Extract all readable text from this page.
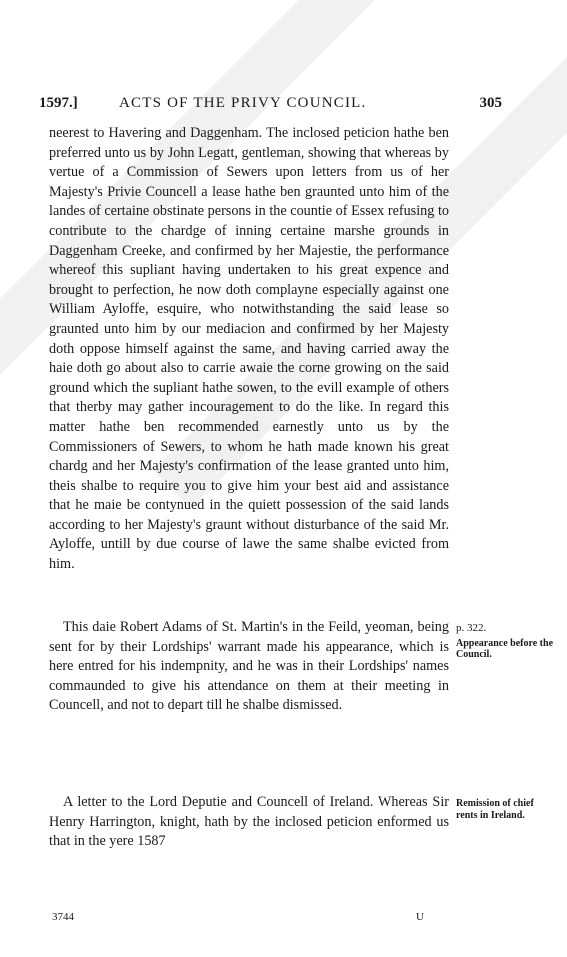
1597.]	ACTS OF THE PRIVY COUNCIL.	305

neerest to Havering and Daggenham. The inclosed peticion hathe ben preferred unto us by John Legatt, gentleman, showing that whereas by vertue of a Commission of Sewers upon letters from us of her Majesty's Privie Councell a lease hathe ben graunted unto him of the landes of certaine obstinate persons in the countie of Essex refusing to contribute to the chardge of inning certaine marshe grounds in Daggenham Creeke, and confirmed by her Majestie, the performance whereof this supliant having undertaken to his great expence and brought to perfection, he now doth complayne especially against one William Ayloffe, esquire, who notwithstanding the said lease so graunted unto him by our mediacion and confirmed by her Majesty doth oppose himself against the same, and having carried away the haie doth go about also to carrie awaie the corne growing on the said ground which the supliant hathe sowen, to the evill example of others that therby may gather incouragement to do the like. In regard this matter hathe ben recommended earnestly unto us by the Commissioners of Sewers, to whom he hath made known his great chardg and her Majesty's confirmation of the lease granted unto him, theis shalbe to require you to give him your best aid and assistance that he maie be contynued in the quiett possession of the said lands according to her Majesty's graunt without disturbance of the said Mr. Ayloffe, untill by due course of lawe the same shalbe evicted from him.

This daie Robert Adams of St. Martin's in the Feild, yeoman, being sent for by their Lordships' warrant made his appearance, which is here entred for his indempnity, and he was in their Lordships' names commaunded to give his attendance on them at their meeting in Councell, and not to depart till he shalbe dismissed.

A letter to the Lord Deputie and Councell of Ireland. Whereas Sir Henry Harrington, knight, hath by the inclosed peticion enformed us that in the yere 1587

p. 322.
Appearance before the Council.
Remission of chief rents in Ireland.
3744	U
